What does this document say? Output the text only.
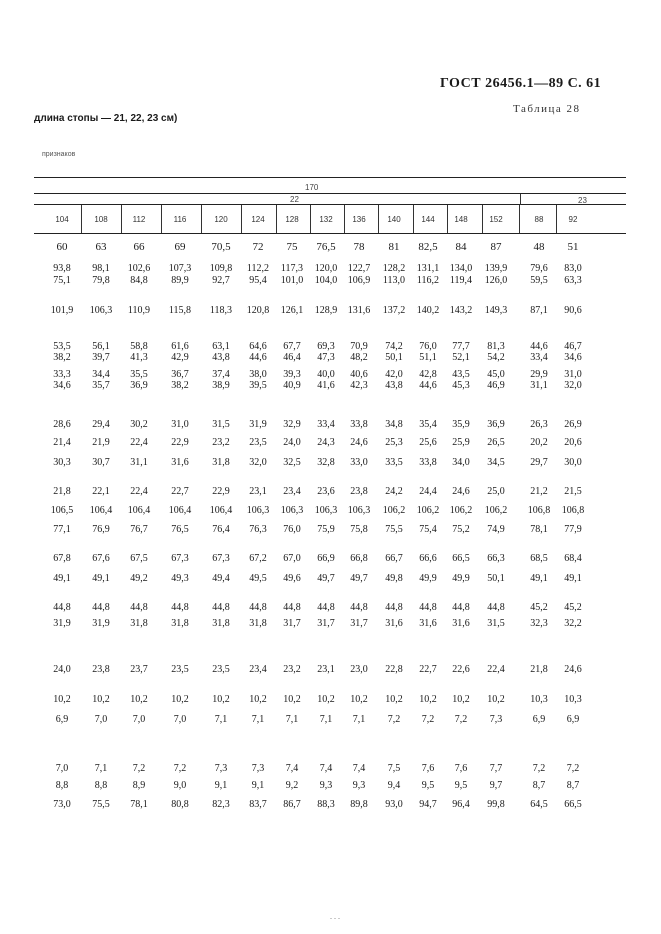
ГОСТ 26456.1—89 С. 61
Таблица 28
длина стопы — 21, 22, 23 см)
признаков
170
22	23
104	108	112	116	120	124	128	132	136	140	144	148	152	88	92
60	63	66	69	70,5	72	75	76,5	78	81	82,5	84	87	48	51
93,8	98,1	102,6	107,3	109,8	112,2	117,3	120,0	122,7	128,2	131,1	134,0	139,9	79,6	83,0
75,1	79,8	84,8	89,9	92,7	95,4	101,0	104,0	106,9	113,0	116,2	119,4	126,0	59,5	63,3
101,9	106,3	110,9	115,8	118,3	120,8	126,1	128,9	131,6	137,2	140,2	143,2	149,3	87,1	90,6
53,5	56,1	58,8	61,6	63,1	64,6	67,7	69,3	70,9	74,2	76,0	77,7	81,3	44,6	46,7
38,2	39,7	41,3	42,9	43,8	44,6	46,4	47,3	48,2	50,1	51,1	52,1	54,2	33,4	34,6
33,3	34,4	35,5	36,7	37,4	38,0	39,3	40,0	40,6	42,0	42,8	43,5	45,0	29,9	31,0
34,6	35,7	36,9	38,2	38,9	39,5	40,9	41,6	42,3	43,8	44,6	45,3	46,9	31,1	32,0
28,6	29,4	30,2	31,0	31,5	31,9	32,9	33,4	33,8	34,8	35,4	35,9	36,9	26,3	26,9
21,4	21,9	22,4	22,9	23,2	23,5	24,0	24,3	24,6	25,3	25,6	25,9	26,5	20,2	20,6
30,3	30,7	31,1	31,6	31,8	32,0	32,5	32,8	33,0	33,5	33,8	34,0	34,5	29,7	30,0
21,8	22,1	22,4	22,7	22,9	23,1	23,4	23,6	23,8	24,2	24,4	24,6	25,0	21,2	21,5
106,5	106,4	106,4	106,4	106,4	106,3	106,3	106,3	106,3	106,2	106,2	106,2	106,2	106,8	106,8
77,1	76,9	76,7	76,5	76,4	76,3	76,0	75,9	75,8	75,5	75,4	75,2	74,9	78,1	77,9
67,8	67,6	67,5	67,3	67,3	67,2	67,0	66,9	66,8	66,7	66,6	66,5	66,3	68,5	68,4
49,1	49,1	49,2	49,3	49,4	49,5	49,6	49,7	49,7	49,8	49,9	49,9	50,1	49,1	49,1
44,8	44,8	44,8	44,8	44,8	44,8	44,8	44,8	44,8	44,8	44,8	44,8	44,8	45,2	45,2
31,9	31,9	31,8	31,8	31,8	31,8	31,7	31,7	31,7	31,6	31,6	31,6	31,5	32,3	32,2
24,0	23,8	23,7	23,5	23,5	23,4	23,2	23,1	23,0	22,8	22,7	22,6	22,4	21,8	24,6
10,2	10,2	10,2	10,2	10,2	10,2	10,2	10,2	10,2	10,2	10,2	10,2	10,2	10,3	10,3
6,9	7,0	7,0	7,0	7,1	7,1	7,1	7,1	7,1	7,2	7,2	7,2	7,3	6,9	6,9
7,0	7,1	7,2	7,2	7,3	7,3	7,4	7,4	7,4	7,5	7,6	7,6	7,7	7,2	7,2
8,8	8,8	8,9	9,0	9,1	9,1	9,2	9,3	9,3	9,4	9,5	9,5	9,7	8,7	8,7
73,0	75,5	78,1	80,8	82,3	83,7	86,7	88,3	89,8	93,0	94,7	96,4	99,8	64,5	66,5
. . .
